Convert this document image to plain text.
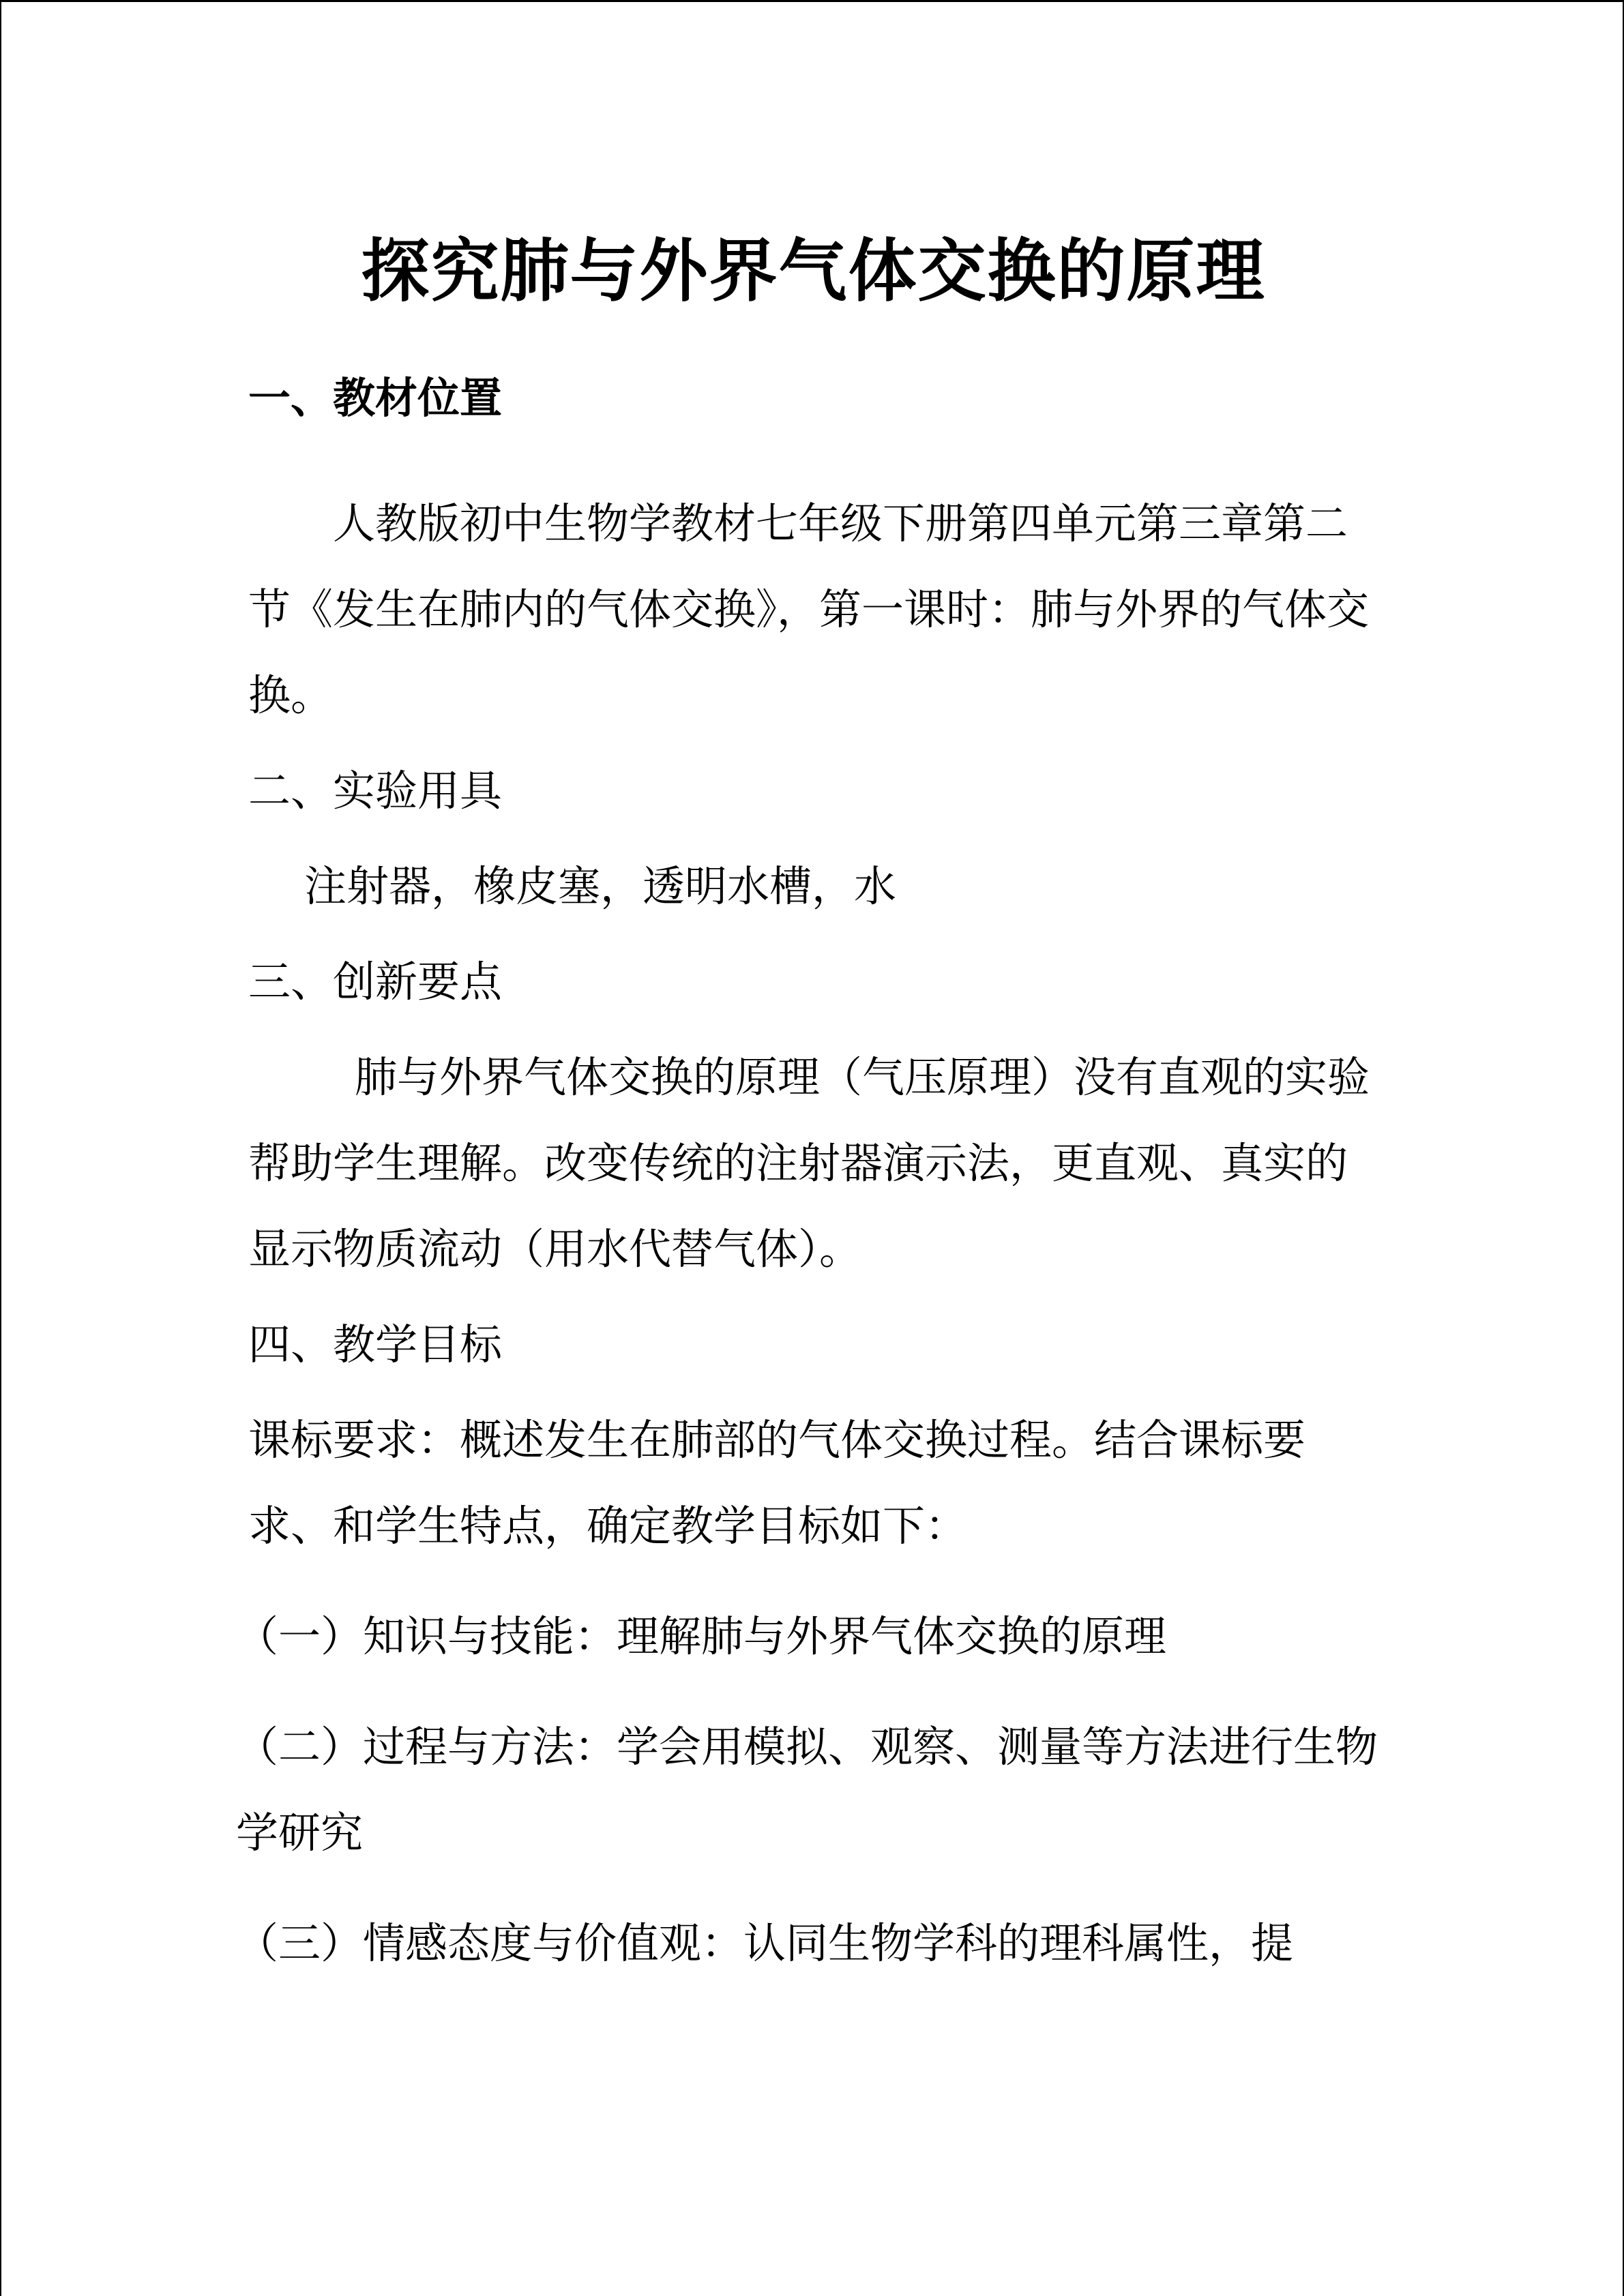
探究肺与外界气体交换的原理
一、教材位置
人教版初中生物学教材七年级下册第四单元第三章第二节《发生在肺内的气体交换》，第一课时：肺与外界的气体交换。
二、实验用具
注射器，橡皮塞，透明水槽，水
三、创新要点
肺与外界气体交换的原理（气压原理）没有直观的实验帮助学生理解。改变传统的注射器演示法，更直观、真实的显示物质流动（用水代替气体）。
四、教学目标
课标要求：概述发生在肺部的气体交换过程。结合课标要求、和学生特点，确定教学目标如下：
（一）知识与技能：理解肺与外界气体交换的原理
（二）过程与方法：学会用模拟、观察、测量等方法进行生物学研究
（三）情感态度与价值观：认同生物学科的理科属性，提
